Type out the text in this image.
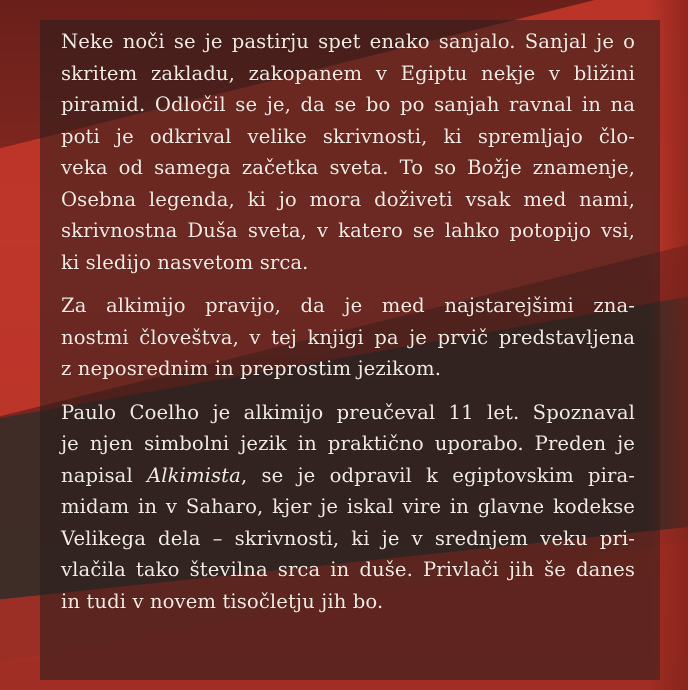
Neke noči se je pastirju spet enako sanjalo. Sanjal je o
skritem zakladu, zakopanem v Egiptu nekje v bližini
piramid. Odločil se je, da se bo po sanjah ravnal in na
poti je odkrival velike skrivnosti, ki spremljajo člo-
veka od samega začetka sveta. To so Božje znamenje,
Osebna legenda, ki jo mora doživeti vsak med nami,
skrivnostna Duša sveta, v katero se lahko potopijo vsi,
ki sledijo nasvetom srca.

Za alkimijo pravijo, da je med najstarejšimi zna-
nostmi človeštva, v tej knjigi pa je prvič predstavljena
z neposrednim in preprostim jezikom.

Paulo Coelho je alkimijo preučeval 11 let. Spoznaval
je njen simbolni jezik in praktično uporabo. Preden je
napisal Alkimista, se je odpravil k egiptovskim pira-
midam in v Saharo, kjer je iskal vire in glavne kodekse
Velikega dela – skrivnosti, ki je v srednjem veku pri-
vlačila tako številna srca in duše. Privlači jih še danes
in tudi v novem tisočletju jih bo.
